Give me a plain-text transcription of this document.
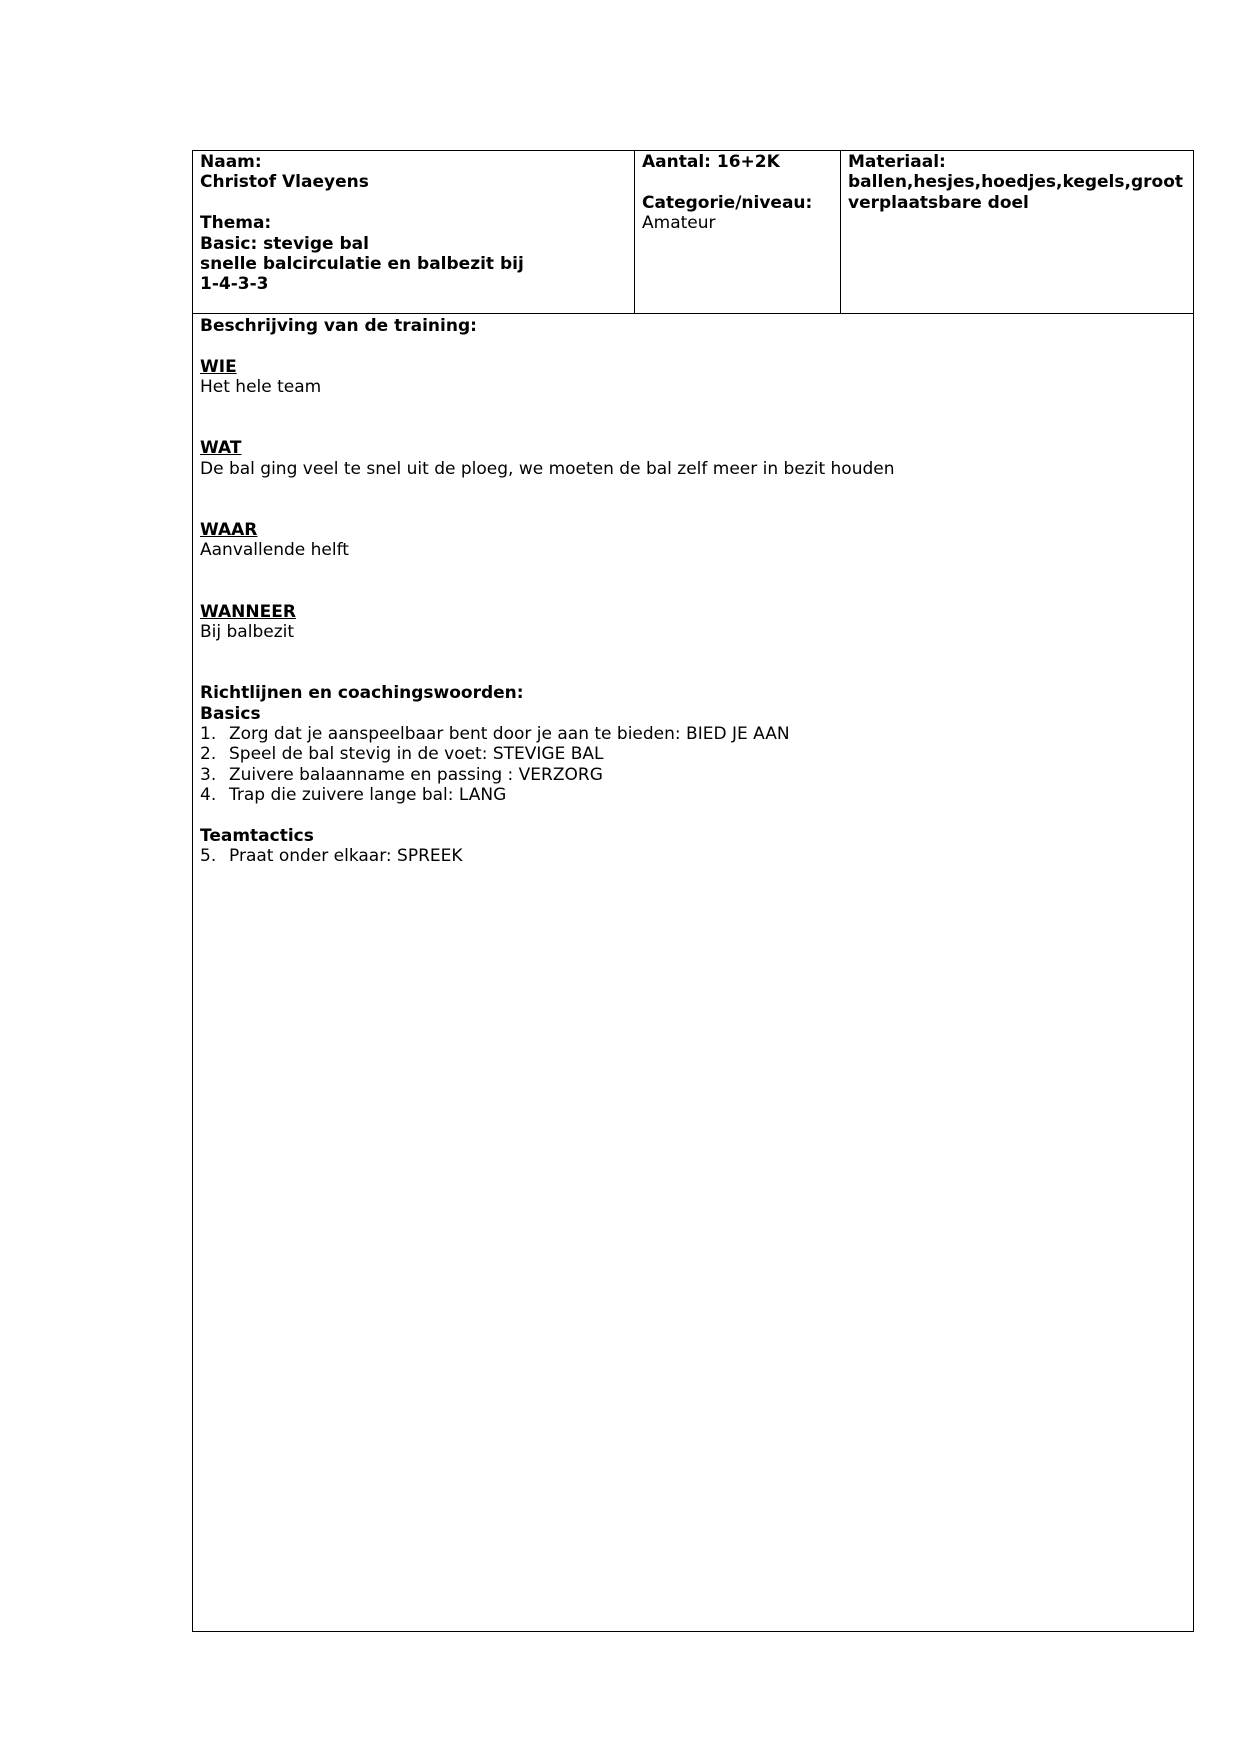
Naam:
Christof Vlaeyens
Thema:
Basic: stevige bal
snelle balcirculatie en balbezit bij
1-4-3-3
Aantal: 16+2K
Categorie/niveau:
Amateur
Materiaal:
ballen,hesjes,hoedjes,kegels,groot
verplaatsbare doel
Beschrijving van de training:
WIE
Het hele team
WAT
De bal ging veel te snel uit de ploeg, we moeten de bal zelf meer in bezit houden
WAAR
Aanvallende helft
WANNEER
Bij balbezit
Richtlijnen en coachingswoorden:
Basics
1. Zorg dat je aanspeelbaar bent door je aan te bieden: BIED JE AAN
2. Speel de bal stevig in de voet: STEVIGE BAL
3. Zuivere balaanname en passing : VERZORG
4. Trap die zuivere lange bal: LANG
Teamtactics
5. Praat onder elkaar: SPREEK
